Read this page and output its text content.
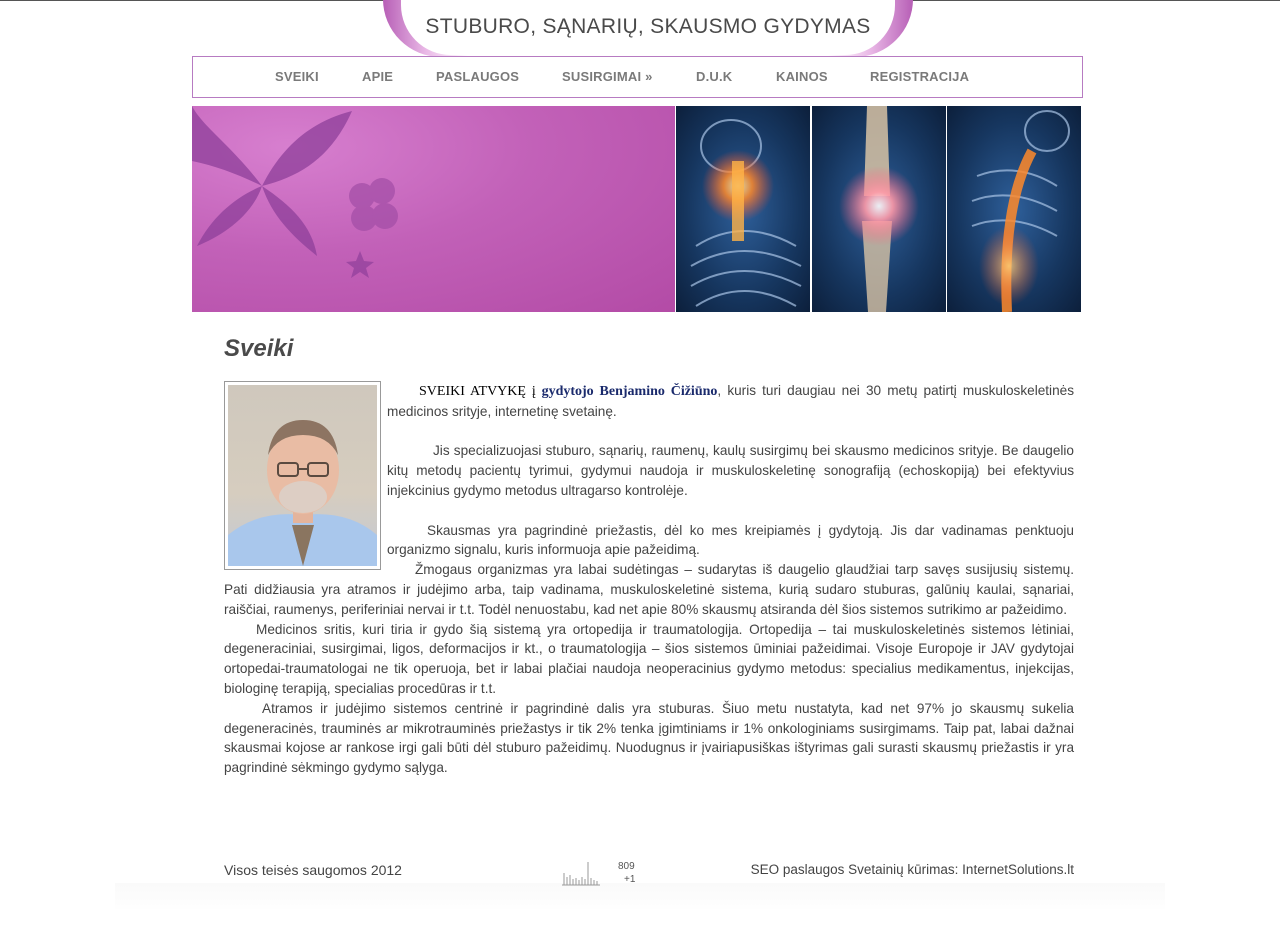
STUBURO, SĄNARIŲ, SKAUSMO GYDYMAS
SVEIKI	APIE	PASLAUGOS	SUSIRGIMAI »	D.U.K	KAINOS	REGISTRACIJA
Sveiki

SVEIKI ATVYKĘ į gydytojo Benjamino Čižiūno, kuris turi daugiau nei 30 metų patirtį muskuloskeletinės medicinos srityje, internetinę svetainę.

Jis specializuojasi stuburo, sąnarių, raumenų, kaulų susirgimų bei skausmo medicinos srityje. Be daugelio kitų metodų pacientų tyrimui, gydymui naudoja ir muskuloskeletinę sonografiją (echoskopiją) bei efektyvius injekcinius gydymo metodus ultragarso kontrolėje.

Skausmas yra pagrindinė priežastis, dėl ko mes kreipiamės į gydytoją. Jis dar vadinamas penktuoju organizmo signalu, kuris informuoja apie pažeidimą.

Žmogaus organizmas yra labai sudėtingas – sudarytas iš daugelio glaudžiai tarp savęs susijusių sistemų. Pati didžiausia yra atramos ir judėjimo arba, taip vadinama, muskuloskeletinė sistema, kurią sudaro stuburas, galūnių kaulai, sąnariai, raiščiai, raumenys, periferiniai nervai ir t.t. Todėl nenuostabu, kad net apie 80% skausmų atsiranda dėl šios sistemos sutrikimo ar pažeidimo.

Medicinos sritis, kuri tiria ir gydo šią sistemą yra ortopedija ir traumatologija. Ortopedija – tai muskuloskeletinės sistemos lėtiniai, degeneraciniai, susirgimai, ligos, deformacijos ir kt., o traumatologija – šios sistemos ūminiai pažeidimai. Visoje Europoje ir JAV gydytojai ortopedai-traumatologai ne tik operuoja, bet ir labai plačiai naudoja neoperacinius gydymo metodus: specialius medikamentus, injekcijas, biologinę terapiją, specialias procedūras ir t.t.

Atramos ir judėjimo sistemos centrinė ir pagrindinė dalis yra stuburas. Šiuo metu nustatyta, kad net 97% jo skausmų sukelia degeneracinės, trauminės ar mikrotrauminės priežastys ir tik 2% tenka įgimtiniams ir 1% onkologiniams susirgimams. Taip pat, labai dažnai skausmai kojose ar rankose irgi gali būti dėl stuburo pažeidimų. Nuodugnus ir įvairiapusiškas ištyrimas gali surasti skausmų priežastis ir yra pagrindinė sėkmingo gydymo sąlyga.

Visos teisės saugomos 2012	809
+1
SEO paslaugos Svetainių kūrimas: InternetSolutions.lt
